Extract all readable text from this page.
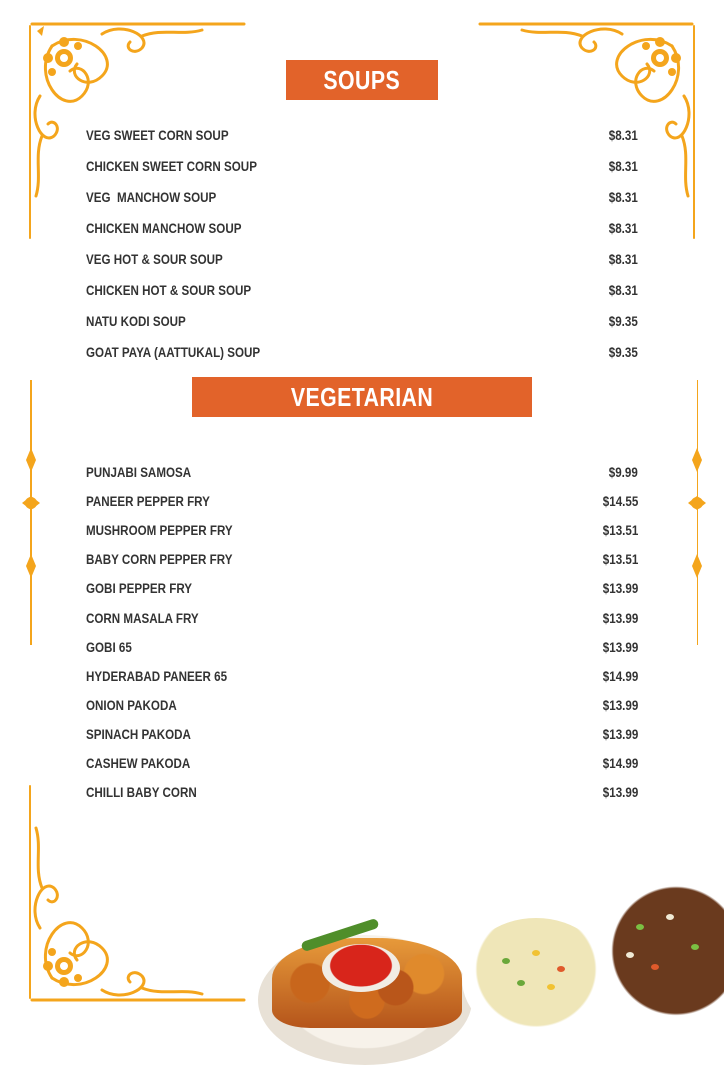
SOUPS
VEG SWEET CORN SOUP	$8.31
CHICKEN SWEET CORN SOUP	$8.31
VEG  MANCHOW SOUP	$8.31
CHICKEN MANCHOW SOUP	$8.31
VEG HOT & SOUR SOUP	$8.31
CHICKEN HOT & SOUR SOUP	$8.31
NATU KODI SOUP	$9.35
GOAT PAYA (AATTUKAL) SOUP	$9.35
VEGETARIAN APPETIZERS
PUNJABI SAMOSA	$9.99
PANEER PEPPER FRY	$14.55
MUSHROOM PEPPER FRY	$13.51
BABY CORN PEPPER FRY	$13.51
GOBI PEPPER FRY	$13.99
CORN MASALA FRY	$13.99
GOBI 65	$13.99
HYDERABAD PANEER 65	$14.99
ONION PAKODA	$13.99
SPINACH PAKODA	$13.99
CASHEW PAKODA	$14.99
CHILLI BABY CORN	$13.99
